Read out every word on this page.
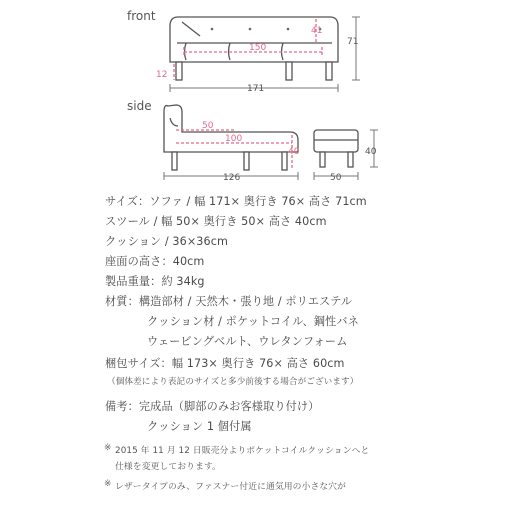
front
41
150
12
71
171
side
50
100
40
126
40
50
サイズ：ソファ / 幅 171× 奥行き 76× 高さ 71cm
スツール / 幅 50× 奥行き 50× 高さ 40cm
クッション / 36×36cm
座面の高さ：40cm
製品重量：約 34kg
材質：構造部材 / 天然木・張り地 / ポリエステル
クッション材 / ポケットコイル、鋼性バネ
ウェービングベルト、ウレタンフォーム
梱包サイズ：幅 173× 奥行き 76× 高さ 60cm
（個体差により表記のサイズと多少前後する場合がございます）
備考：完成品（脚部のみお客様取り付け）
クッション 1 個付属
※ 2015 年 11 月 12 日販売分よりポケットコイルクッションへと
仕様を変更しております。
※ レザータイプのみ、ファスナー付近に通気用の小さな穴が
